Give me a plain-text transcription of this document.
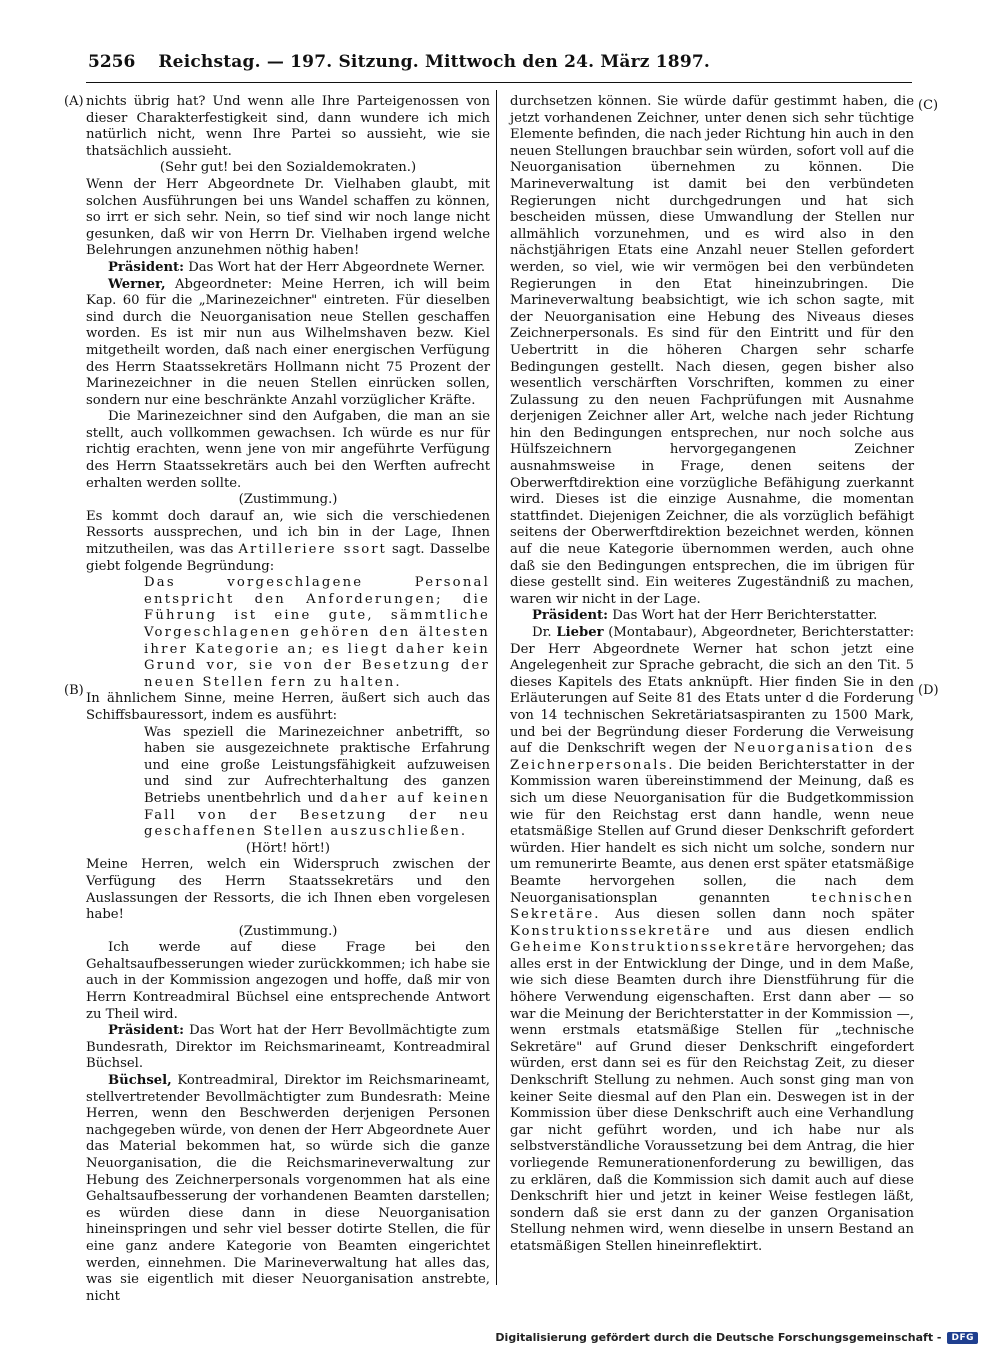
5256 Reichstag. — 197. Sitzung. Mittwoch den 24. März 1897.
(A)
(B)
(C)
(D)

nichts übrig hat? Und wenn alle Ihre Parteigenossen von dieser Charakterfestigkeit sind, dann wundere ich mich natürlich nicht, wenn Ihre Partei so aussieht, wie sie thatsächlich aussieht.

(Sehr gut! bei den Sozialdemokraten.)

Wenn der Herr Abgeordnete Dr. Vielhaben glaubt, mit solchen Ausführungen bei uns Wandel schaffen zu können, so irrt er sich sehr. Nein, so tief sind wir noch lange nicht gesunken, daß wir von Herrn Dr. Vielhaben irgend welche Belehrungen anzunehmen nöthig haben!

Präsident: Das Wort hat der Herr Abgeordnete Werner.

Werner, Abgeordneter: Meine Herren, ich will beim Kap. 60 für die „Marinezeichner" eintreten. Für dieselben sind durch die Neuorganisation neue Stellen geschaffen worden. Es ist mir nun aus Wilhelmshaven bezw. Kiel mitgetheilt worden, daß nach einer energischen Verfügung des Herrn Staatssekretärs Hollmann nicht 75 Prozent der Marinezeichner in die neuen Stellen einrücken sollen, sondern nur eine beschränkte Anzahl vorzüglicher Kräfte.

Die Marinezeichner sind den Aufgaben, die man an sie stellt, auch vollkommen gewachsen. Ich würde es nur für richtig erachten, wenn jene von mir angeführte Verfügung des Herrn Staatssekretärs auch bei den Werften aufrecht erhalten werden sollte.

(Zustimmung.)

Es kommt doch darauf an, wie sich die verschiedenen Ressorts aussprechen, und ich bin in der Lage, Ihnen mitzutheilen, was das Artilleriere ssort sagt. Dasselbe giebt folgende Begründung:

Das vorgeschlagene Personal entspricht den Anforderungen; die Führung ist eine gute, sämmtliche Vorgeschlagenen gehören den ältesten ihrer Kategorie an; es liegt daher kein Grund vor, sie von der Besetzung der neuen Stellen fern zu halten.

In ähnlichem Sinne, meine Herren, äußert sich auch das Schiffsbauressort, indem es ausführt:

Was speziell die Marinezeichner anbetrifft, so haben sie ausgezeichnete praktische Erfahrung und eine große Leistungsfähigkeit aufzuweisen und sind zur Aufrechterhaltung des ganzen Betriebs unentbehrlich und daher auf keinen Fall von der Besetzung der neu geschaffenen Stellen auszuschließen.

(Hört! hört!)

Meine Herren, welch ein Widerspruch zwischen der Verfügung des Herrn Staatssekretärs und den Auslassungen der Ressorts, die ich Ihnen eben vorgelesen habe!

(Zustimmung.)

Ich werde auf diese Frage bei den Gehaltsaufbesserungen wieder zurückkommen; ich habe sie auch in der Kommission angezogen und hoffe, daß mir von Herrn Kontreadmiral Büchsel eine entsprechende Antwort zu Theil wird.

Präsident: Das Wort hat der Herr Bevollmächtigte zum Bundesrath, Direktor im Reichsmarineamt, Kontreadmiral Büchsel.

Büchsel, Kontreadmiral, Direktor im Reichsmarineamt, stellvertretender Bevollmächtigter zum Bundesrath: Meine Herren, wenn den Beschwerden derjenigen Personen nachgegeben würde, von denen der Herr Abgeordnete Auer das Material bekommen hat, so würde sich die ganze Neuorganisation, die die Reichsmarineverwaltung zur Hebung des Zeichnerpersonals vorgenommen hat als eine Gehaltsaufbesserung der vorhandenen Beamten darstellen; es würden diese dann in diese Neuorganisation hineinspringen und sehr viel besser dotirte Stellen, die für eine ganz andere Kategorie von Beamten eingerichtet werden, einnehmen. Die Marineverwaltung hat alles das, was sie eigentlich mit dieser Neuorganisation anstrebte, nicht

durchsetzen können. Sie würde dafür gestimmt haben, die jetzt vorhandenen Zeichner, unter denen sich sehr tüchtige Elemente befinden, die nach jeder Richtung hin auch in den neuen Stellungen brauchbar sein würden, sofort voll auf die Neuorganisation übernehmen zu können. Die Marineverwaltung ist damit bei den verbündeten Regierungen nicht durchgedrungen und hat sich bescheiden müssen, diese Umwandlung der Stellen nur allmählich vorzunehmen, und es wird also in den nächstjährigen Etats eine Anzahl neuer Stellen gefordert werden, so viel, wie wir vermögen bei den verbündeten Regierungen in den Etat hineinzubringen. Die Marineverwaltung beabsichtigt, wie ich schon sagte, mit der Neuorganisation eine Hebung des Niveaus dieses Zeichnerpersonals. Es sind für den Eintritt und für den Uebertritt in die höheren Chargen sehr scharfe Bedingungen gestellt. Nach diesen, gegen bisher also wesentlich verschärften Vorschriften, kommen zu einer Zulassung zu den neuen Fachprüfungen mit Ausnahme derjenigen Zeichner aller Art, welche nach jeder Richtung hin den Bedingungen entsprechen, nur noch solche aus Hülfszeichnern hervorgegangenen Zeichner ausnahmsweise in Frage, denen seitens der Oberwerftdirektion eine vorzügliche Befähigung zuerkannt wird. Dieses ist die einzige Ausnahme, die momentan stattfindet. Diejenigen Zeichner, die als vorzüglich befähigt seitens der Oberwerftdirektion bezeichnet werden, können auf die neue Kategorie übernommen werden, auch ohne daß sie den Bedingungen entsprechen, die im übrigen für diese gestellt sind. Ein weiteres Zugeständniß zu machen, waren wir nicht in der Lage.

Präsident: Das Wort hat der Herr Berichterstatter.

Dr. Lieber (Montabaur), Abgeordneter, Berichterstatter: Der Herr Abgeordnete Werner hat schon jetzt eine Angelegenheit zur Sprache gebracht, die sich an den Tit. 5 dieses Kapitels des Etats anknüpft. Hier finden Sie in den Erläuterungen auf Seite 81 des Etats unter d die Forderung von 14 technischen Sekretäriatsaspiranten zu 1500 Mark, und bei der Begründung dieser Forderung die Verweisung auf die Denkschrift wegen der Neuorganisation des Zeichnerpersonals. Die beiden Berichterstatter in der Kommission waren übereinstimmend der Meinung, daß es sich um diese Neuorganisation für die Budgetkommission wie für den Reichstag erst dann handle, wenn neue etatsmäßige Stellen auf Grund dieser Denkschrift gefordert würden. Hier handelt es sich nicht um solche, sondern nur um remunerirte Beamte, aus denen erst später etatsmäßige Beamte hervorgehen sollen, die nach dem Neuorganisationsplan genannten technischen Sekretäre. Aus diesen sollen dann noch später Konstruktionssekretäre und aus diesen endlich Geheime Konstruktionssekretäre hervorgehen; das alles erst in der Entwicklung der Dinge, und in dem Maße, wie sich diese Beamten durch ihre Dienstführung für die höhere Verwendung eigenschaften. Erst dann aber — so war die Meinung der Berichterstatter in der Kommission —, wenn erstmals etatsmäßige Stellen für „technische Sekretäre" auf Grund dieser Denkschrift eingefordert würden, erst dann sei es für den Reichstag Zeit, zu dieser Denkschrift Stellung zu nehmen. Auch sonst ging man von keiner Seite diesmal auf den Plan ein. Deswegen ist in der Kommission über diese Denkschrift auch eine Verhandlung gar nicht geführt worden, und ich habe nur als selbstverständliche Voraussetzung bei dem Antrag, die hier vorliegende Remunerationenforderung zu bewilligen, das zu erklären, daß die Kommission sich damit auch auf diese Denkschrift hier und jetzt in keiner Weise festlegen läßt, sondern daß sie erst dann zu der ganzen Organisation Stellung nehmen wird, wenn dieselbe in unsern Bestand an etatsmäßigen Stellen hineinreflektirt.

Digitalisierung gefördert durch die Deutsche Forschungsgemeinschaft -	DFG
